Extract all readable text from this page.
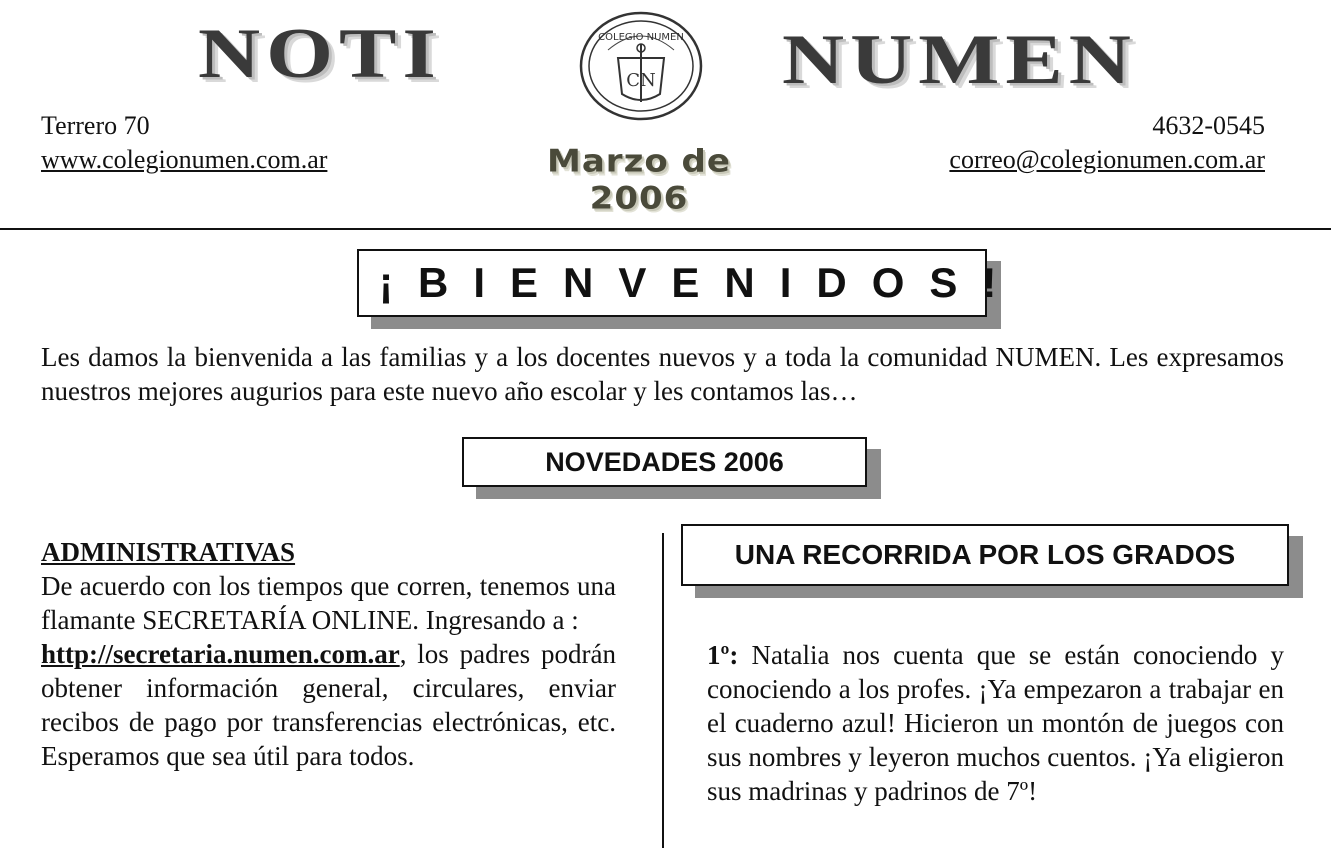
NOTI	COLEGIO NUMEN
CN NUMEN
Terrero 70
www.colegionumen.com.ar	Marzo de 2006
4632-0545
correo@colegionumen.com.ar
¡BIENVENIDOS!
Les damos la bienvenida a las familias y a los docentes nuevos y a toda la comunidad NUMEN. Les expresamos nuestros mejores augurios para este nuevo año escolar y les contamos las…
NOVEDADES 2006
ADMINISTRATIVAS
De acuerdo con los tiempos que corren, tenemos una flamante SECRETARÍA ONLINE. Ingresando a :
http://secretaria.numen.com.ar, los padres podrán obtener información general, circulares, enviar recibos de pago por transferencias electrónicas, etc. Esperamos que sea útil para todos.
UNA RECORRIDA POR LOS GRADOS
1º: Natalia nos cuenta que se están conociendo y conociendo a los profes. ¡Ya empezaron a trabajar en el cuaderno azul! Hicieron un montón de juegos con sus nombres y leyeron muchos cuentos. ¡Ya eligieron sus madrinas y padrinos de 7º!
